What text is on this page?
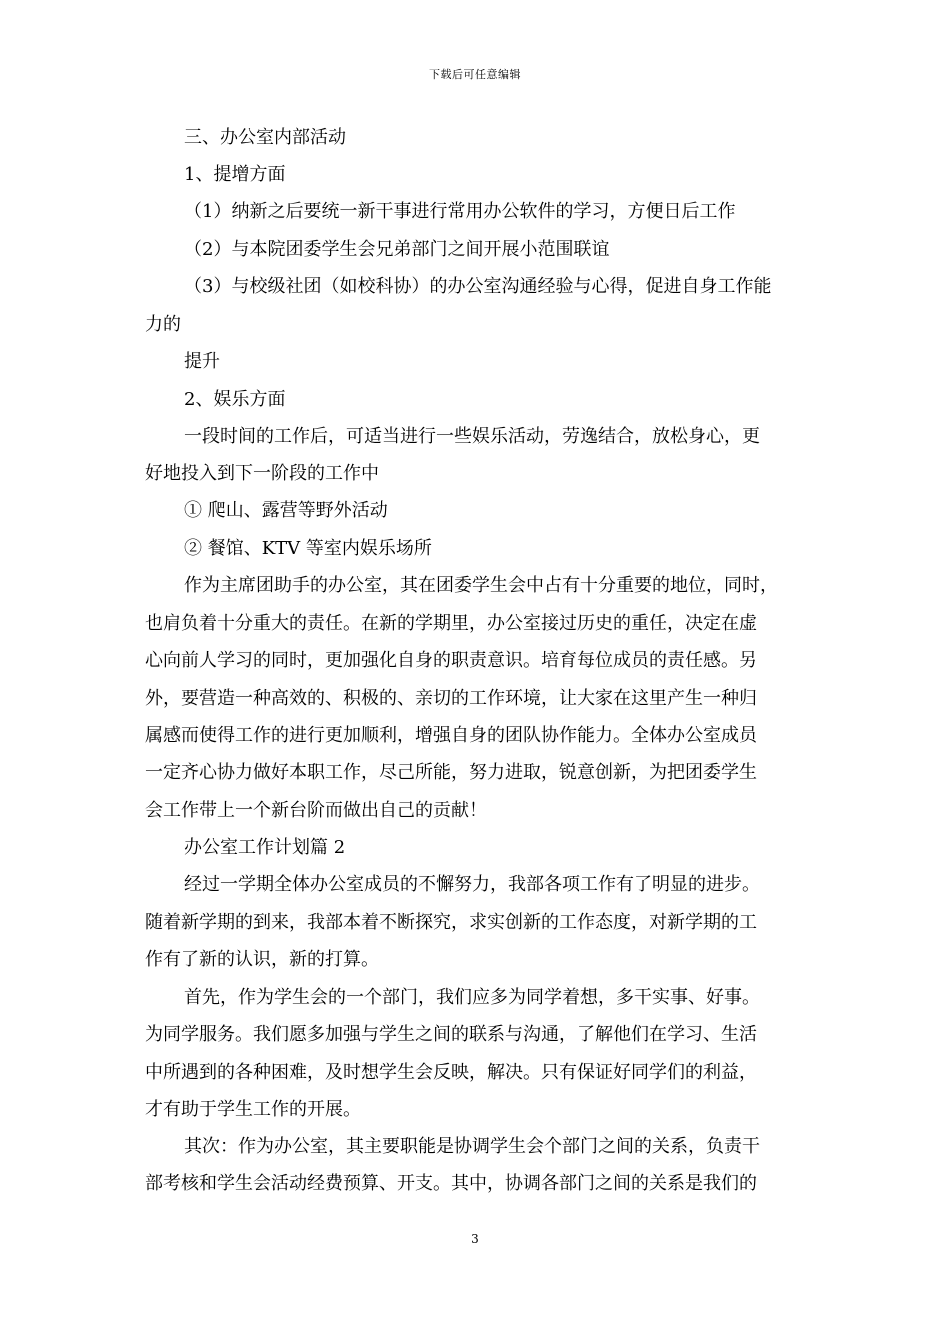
下载后可任意编辑
三、办公室内部活动
1、提增方面
（1）纳新之后要统一新干事进行常用办公软件的学习，方便日后工作
（2）与本院团委学生会兄弟部门之间开展小范围联谊
（3）与校级社团（如校科协）的办公室沟通经验与心得，促进自身工作能
力的
提升
2、娱乐方面
一段时间的工作后，可适当进行一些娱乐活动，劳逸结合，放松身心，更
好地投入到下一阶段的工作中
① 爬山、露营等野外活动
② 餐馆、KTV 等室内娱乐场所
作为主席团助手的办公室，其在团委学生会中占有十分重要的地位，同时，
也肩负着十分重大的责任。在新的学期里，办公室接过历史的重任，决定在虚
心向前人学习的同时，更加强化自身的职责意识。培育每位成员的责任感。另
外，要营造一种高效的、积极的、亲切的工作环境，让大家在这里产生一种归
属感而使得工作的进行更加顺利，增强自身的团队协作能力。全体办公室成员
一定齐心协力做好本职工作，尽己所能，努力进取，锐意创新，为把团委学生
会工作带上一个新台阶而做出自己的贡献！
办公室工作计划篇 2
经过一学期全体办公室成员的不懈努力，我部各项工作有了明显的进步。
随着新学期的到来，我部本着不断探究，求实创新的工作态度，对新学期的工
作有了新的认识，新的打算。
首先，作为学生会的一个部门，我们应多为同学着想，多干实事、好事。
为同学服务。我们愿多加强与学生之间的联系与沟通，了解他们在学习、生活
中所遇到的各种困难，及时想学生会反映，解决。只有保证好同学们的利益，
才有助于学生工作的开展。
其次：作为办公室，其主要职能是协调学生会个部门之间的关系，负责干
部考核和学生会活动经费预算、开支。其中，协调各部门之间的关系是我们的
3
